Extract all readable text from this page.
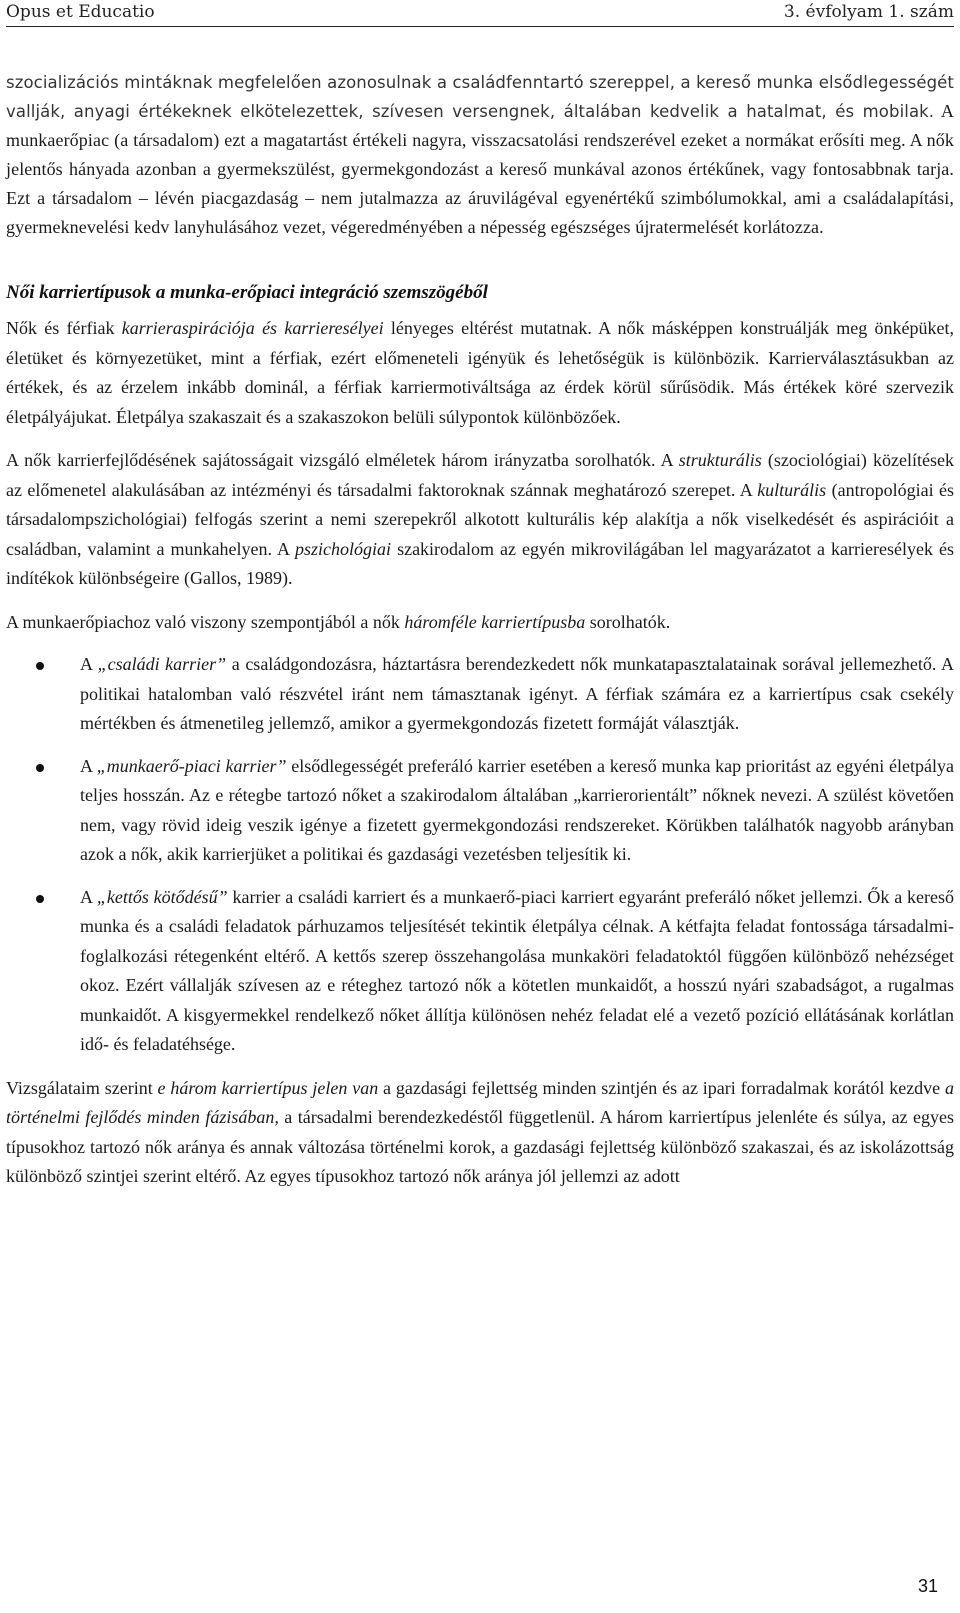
Opus et Educatio	3. évfolyam 1. szám

szocializációs mintáknak megfelelően azonosulnak a családfenntartó szereppel, a kereső munka elsődlegességét vallják, anyagi értékeknek elkötelezettek, szívesen versengnek, általában kedvelik a hatalmat, és mobilak. A munkaerőpiac (a társadalom) ezt a magatartást értékeli nagyra, visszacsatolási rendszerével ezeket a normákat erősíti meg. A nők jelentős hányada azonban a gyermekszülést, gyermekgondozást a kereső munkával azonos értékűnek, vagy fontosabbnak tarja. Ezt a társadalom – lévén piacgazdaság – nem jutalmazza az áruvilágéval egyenértékű szimbólumokkal, ami a családalapítási, gyermeknevelési kedv lanyhulásához vezet, végeredményében a népesség egészséges újratermelését korlátozza.

Női karriertípusok a munka-erőpiaci integráció szemszögéből

Nők és férfiak karrieraspirációja és karrieresélyei lényeges eltérést mutatnak. A nők másképpen konstruálják meg önképüket, életüket és környezetüket, mint a férfiak, ezért előmeneteli igényük és lehetőségük is különbözik. Karrierválasztásukban az értékek, és az érzelem inkább dominál, a férfiak karriermotiváltsága az érdek körül sűrűsödik. Más értékek köré szervezik életpályájukat. Életpálya szakaszait és a szakaszokon belüli súlypontok különbözőek.

A nők karrierfejlődésének sajátosságait vizsgáló elméletek három irányzatba sorolhatók. A strukturális (szociológiai) közelítések az előmenetel alakulásában az intézményi és társadalmi faktoroknak szánnak meghatározó szerepet. A kulturális (antropológiai és társadalompszichológiai) felfogás szerint a nemi szerepekről alkotott kulturális kép alakítja a nők viselkedését és aspirációit a családban, valamint a munkahelyen. A pszichológiai szakirodalom az egyén mikrovilágában lel magyarázatot a karrieresélyek és indítékok különbségeire (Gallos, 1989).

A munkaerőpiachoz való viszony szempontjából a nők háromféle karriertípusba sorolhatók.

A „családi karrier” a családgondozásra, háztartásra berendezkedett nők munkatapasztalatainak sorával jellemezhető. A politikai hatalomban való részvétel iránt nem támasztanak igényt. A férfiak számára ez a karriertípus csak csekély mértékben és átmenetileg jellemző, amikor a gyermekgondozás fizetett formáját választják.

A „munkaerő-piaci karrier” elsődlegességét preferáló karrier esetében a kereső munka kap prioritást az egyéni életpálya teljes hosszán. Az e rétegbe tartozó nőket a szakirodalom általában „karrierorientált” nőknek nevezi. A szülést követően nem, vagy rövid ideig veszik igénye a fizetett gyermekgondozási rendszereket. Körükben találhatók nagyobb arányban azok a nők, akik karrierjüket a politikai és gazdasági vezetésben teljesítik ki.

A „kettős kötődésű” karrier a családi karriert és a munkaerő-piaci karriert egyaránt preferáló nőket jellemzi. Ők a kereső munka és a családi feladatok párhuzamos teljesítését tekintik életpálya célnak. A kétfajta feladat fontossága társadalmi-foglalkozási rétegenként eltérő. A kettős szerep összehangolása munkaköri feladatoktól függően különböző nehézséget okoz. Ezért vállalják szívesen az e réteghez tartozó nők a kötetlen munkaidőt, a hosszú nyári szabadságot, a rugalmas munkaidőt. A kisgyermekkel rendelkező nőket állítja különösen nehéz feladat elé a vezető pozíció ellátásának korlátlan idő- és feladatéhsége.

Vizsgálataim szerint e három karriertípus jelen van a gazdasági fejlettség minden szintjén és az ipari forradalmak korától kezdve a történelmi fejlődés minden fázisában, a társadalmi berendezkedéstől függetlenül. A három karriertípus jelenléte és súlya, az egyes típusokhoz tartozó nők aránya és annak változása történelmi korok, a gazdasági fejlettség különböző szakaszai, és az iskolázottság különböző szintjei szerint eltérő. Az egyes típusokhoz tartozó nők aránya jól jellemzi az adott

31
